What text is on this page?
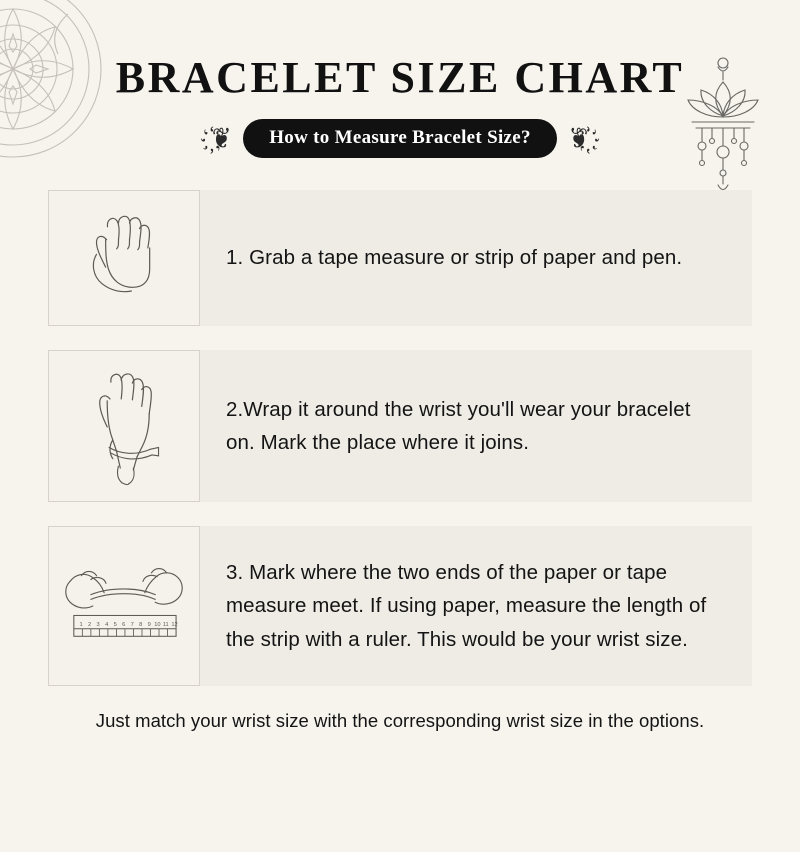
BRACELET SIZE CHART
҉❦	How to Measure Bracelet Size?	҉❦
1. Grab a tape measure or strip of paper and pen.
2.Wrap it around the wrist you'll wear your bracelet on. Mark the place where it joins.
1 2 3 4 5 6 7 8 9 10 11 12
3. Mark where the two ends of the paper or tape measure meet. If using paper, measure the length of the strip with a ruler. This would be your wrist size.
Just match your wrist size with the corresponding wrist size in the options.
